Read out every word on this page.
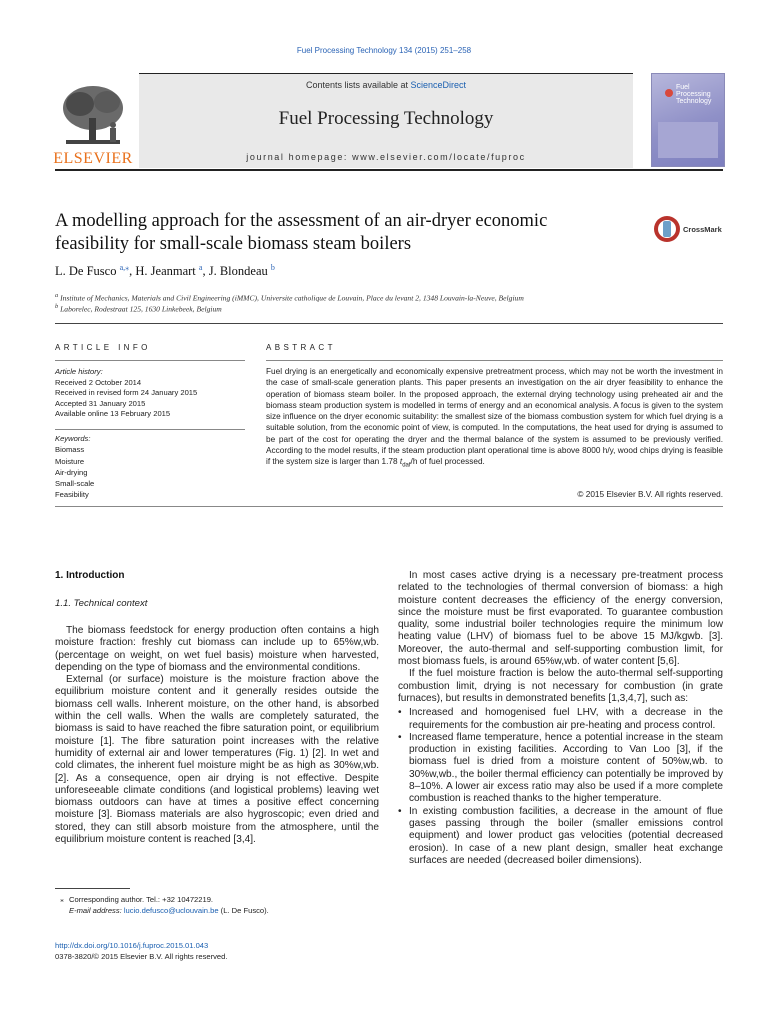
Fuel Processing Technology 134 (2015) 251–258
Contents lists available at ScienceDirect
Fuel Processing Technology
journal homepage: www.elsevier.com/locate/fuproc
ELSEVIER
Fuel Processing Technology
A modelling approach for the assessment of an air-dryer economic feasibility for small-scale biomass steam boilers
CrossMark
L. De Fusco $^{a,⁎}$, H. Jeanmart $^a$, J. Blondeau $^b$
$^a$ Institute of Mechanics, Materials and Civil Engineering (iMMC), Universite catholique de Louvain, Place du levant 2, 1348 Louvain-la-Neuve, Belgium
$^b$ Laborelec, Rodestraat 125, 1630 Linkebeek, Belgium
ARTICLE INFO	ABSTRACT
Article history:
Received 2 October 2014
Received in revised form 24 January 2015
Accepted 31 January 2015
Available online 13 February 2015
Keywords:
Biomass
Moisture
Air-drying
Small-scale
Feasibility
Fuel drying is an energetically and economically expensive pretreatment process, which may not be worth the investment in the case of small-scale generation plants. This paper presents an investigation on the air dryer feasibility to enhance the operation of biomass steam boiler. In the proposed approach, the external drying technology using preheated air and the biomass steam production system is modelled in terms of energy and an economical analysis. A focus is given to the system size influence on the dryer economic suitability: the smallest size of the biomass combustion system for which fuel drying is a suitable solution, from the economic point of view, is computed. In the computations, the heat used for drying is assumed to be part of the cost for operating the dryer and the thermal balance of the system is assumed to be previously verified. According to the model results, if the steam production plant operational time is above 8000 h/y, wood chips drying is feasible if the system size is larger than 1.78 $t_{daf}/h$ of fuel processed.
© 2015 Elsevier B.V. All rights reserved.
1. Introduction
1.1. Technical context

The biomass feedstock for energy production often contains a high moisture fraction: freshly cut biomass can include up to 65%w,wb. (percentage on weight, on wet fuel basis) moisture when harvested, depending on the type of biomass and the environmental conditions.

External (or surface) moisture is the moisture fraction above the equilibrium moisture content and it generally resides outside the biomass cell walls. Inherent moisture, on the other hand, is absorbed within the cell walls. When the walls are completely saturated, the biomass is said to have reached the fibre saturation point, or equilibrium moisture [1]. The fibre saturation point increases with the relative humidity of external air and lower temperatures (Fig. 1) [2]. In wet and cold climates, the inherent fuel moisture might be as high as 30%w,wb. [2]. As a consequence, open air drying is not effective. Despite unforeseeable climate conditions (and logistical problems) leaving wet biomass outdoors can have at times a positive effect concerning moisture [3]. Biomass materials are also hygroscopic; even dried and stored, they can still absorb moisture from the atmosphere, until the equilibrium moisture content is reached [3,4].

In most cases active drying is a necessary pre-treatment process related to the technologies of thermal conversion of biomass: a high moisture content decreases the efficiency of the energy conversion, since the moisture must be first evaporated. To guarantee combustion quality, some industrial boiler technologies require the minimum low heating value (LHV) of biomass fuel to be above 15 MJ/kgwb. [3]. Moreover, the auto-thermal and self-supporting combustion limit, for most biomass fuels, is around 65%w,wb. of water content [5,6].

If the fuel moisture fraction is below the auto-thermal self-supporting combustion limit, drying is not necessary for combustion (in grate furnaces), but results in demonstrated benefits [1,3,4,7], such as:

• Increased and homogenised fuel LHV, with a decrease in the requirements for the combustion air pre-heating and process control.
• Increased flame temperature, hence a potential increase in the steam production in existing facilities. According to Van Loo [3], if the biomass fuel is dried from a moisture content of 50%w,wb. to 30%w,wb., the boiler thermal efficiency can potentially be improved by 8–10%. A lower air excess ratio may also be used if a more complete combustion is reached thanks to the higher temperature.
• In existing combustion facilities, a decrease in the amount of flue gases passing through the boiler (smaller emissions control equipment) and lower product gas velocities (potential decreased erosion). In case of a new plant design, smaller heat exchange surfaces are needed (decreased boiler dimensions).
⁎ Corresponding author. Tel.: +32 10472219.
E-mail address: lucio.defusco@uclouvain.be (L. De Fusco).
http://dx.doi.org/10.1016/j.fuproc.2015.01.043
0378-3820/© 2015 Elsevier B.V. All rights reserved.
